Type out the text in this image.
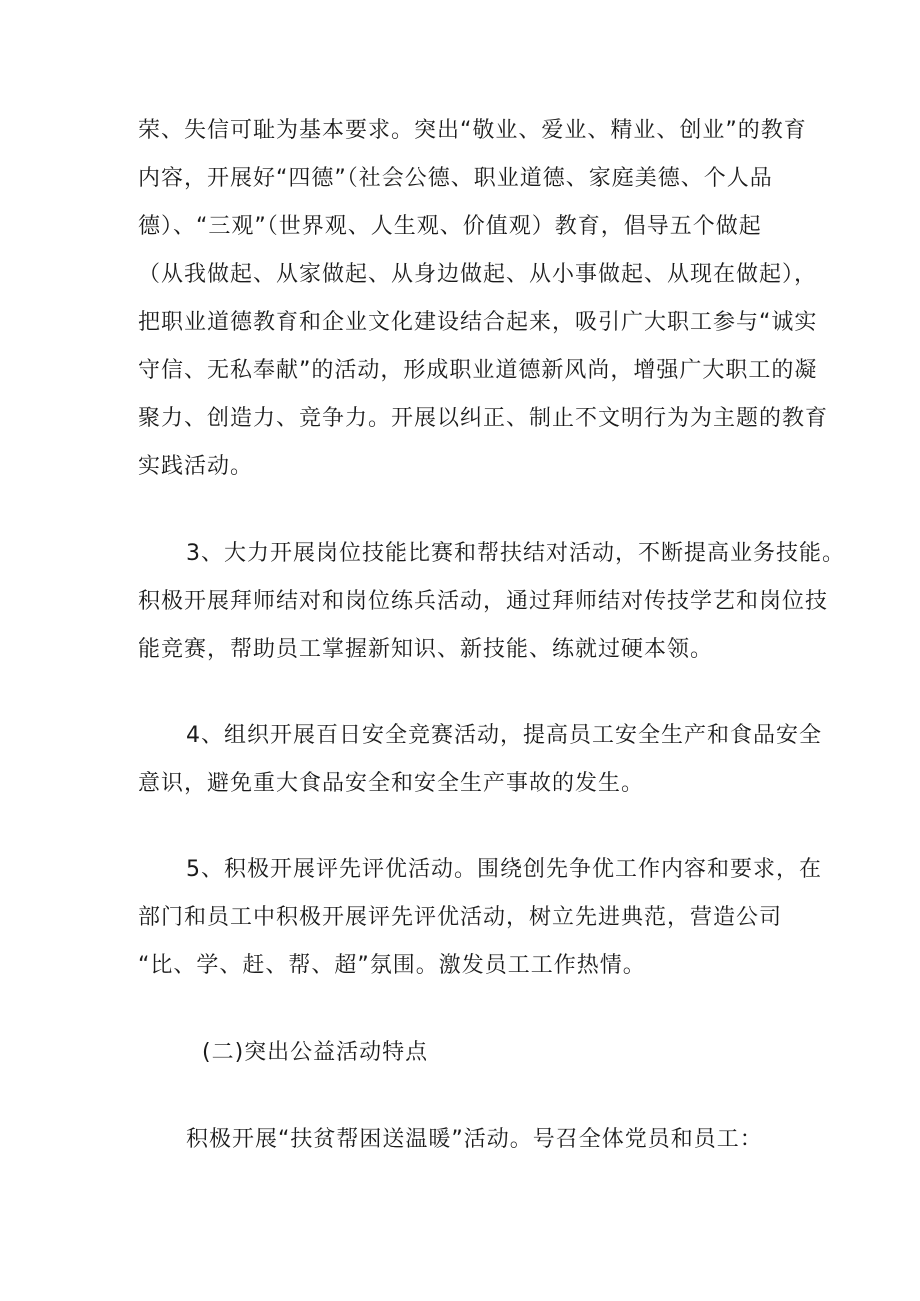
荣、失信可耻为基本要求。突出“敬业、爱业、精业、创业”的教育

内容，开展好“四德”（社会公德、职业道德、家庭美德、个人品

德）、“三观”（世界观、人生观、价值观）教育，倡导五个做起

（从我做起、从家做起、从身边做起、从小事做起、从现在做起），

把职业道德教育和企业文化建设结合起来，吸引广大职工参与“诚实

守信、无私奉献”的活动，形成职业道德新风尚，增强广大职工的凝

聚力、创造力、竞争力。开展以纠正、制止不文明行为为主题的教育

实践活动。

3、大力开展岗位技能比赛和帮扶结对活动，不断提高业务技能。

积极开展拜师结对和岗位练兵活动，通过拜师结对传技学艺和岗位技

能竞赛，帮助员工掌握新知识、新技能、练就过硬本领。

4、组织开展百日安全竞赛活动，提高员工安全生产和食品安全

意识，避免重大食品安全和安全生产事故的发生。

5、积极开展评先评优活动。围绕创先争优工作内容和要求，在

部门和员工中积极开展评先评优活动，树立先进典范，营造公司

“比、学、赶、帮、超”氛围。激发员工工作热情。

(二)突出公益活动特点

积极开展“扶贫帮困送温暖”活动。号召全体党员和员工：
